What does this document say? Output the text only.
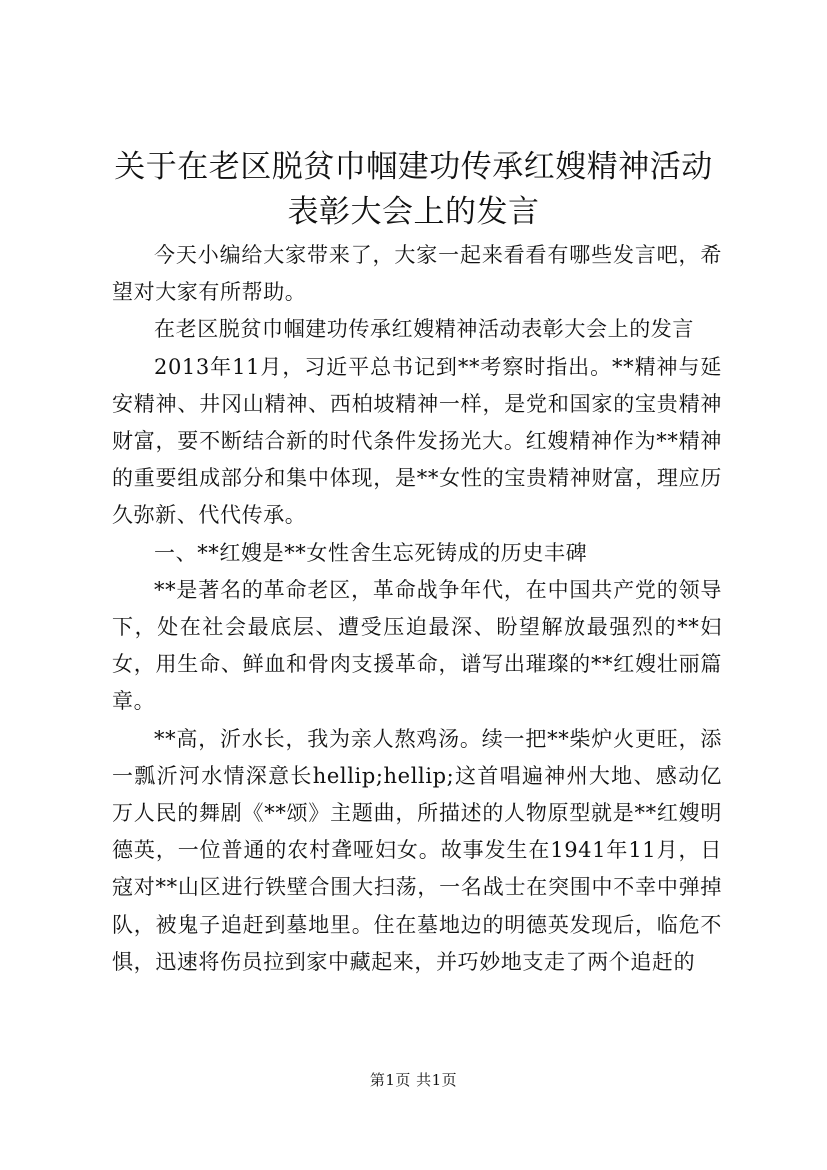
关于在老区脱贫巾帼建功传承红嫂精神活动表彰大会上的发言

今天小编给大家带来了，大家一起来看看有哪些发言吧，希望对大家有所帮助。

在老区脱贫巾帼建功传承红嫂精神活动表彰大会上的发言

2013年11月，习近平总书记到**考察时指出。**精神与延安精神、井冈山精神、西柏坡精神一样，是党和国家的宝贵精神财富，要不断结合新的时代条件发扬光大。红嫂精神作为**精神的重要组成部分和集中体现，是**女性的宝贵精神财富，理应历久弥新、代代传承。

一、**红嫂是**女性舍生忘死铸成的历史丰碑

**是著名的革命老区，革命战争年代，在中国共产党的领导下，处在社会最底层、遭受压迫最深、盼望解放最强烈的**妇女，用生命、鲜血和骨肉支援革命，谱写出璀璨的**红嫂壮丽篇章。

**高，沂水长，我为亲人熬鸡汤。续一把**柴炉火更旺，添一瓢沂河水情深意长hellip;hellip;这首唱遍神州大地、感动亿万人民的舞剧《**颂》主题曲，所描述的人物原型就是**红嫂明德英，一位普通的农村聋哑妇女。故事发生在1941年11月，日寇对**山区进行铁壁合围大扫荡，一名战士在突围中不幸中弹掉队，被鬼子追赶到墓地里。住在墓地边的明德英发现后，临危不惧，迅速将伤员拉到家中藏起来，并巧妙地支走了两个追赶的

第1页 共1页
